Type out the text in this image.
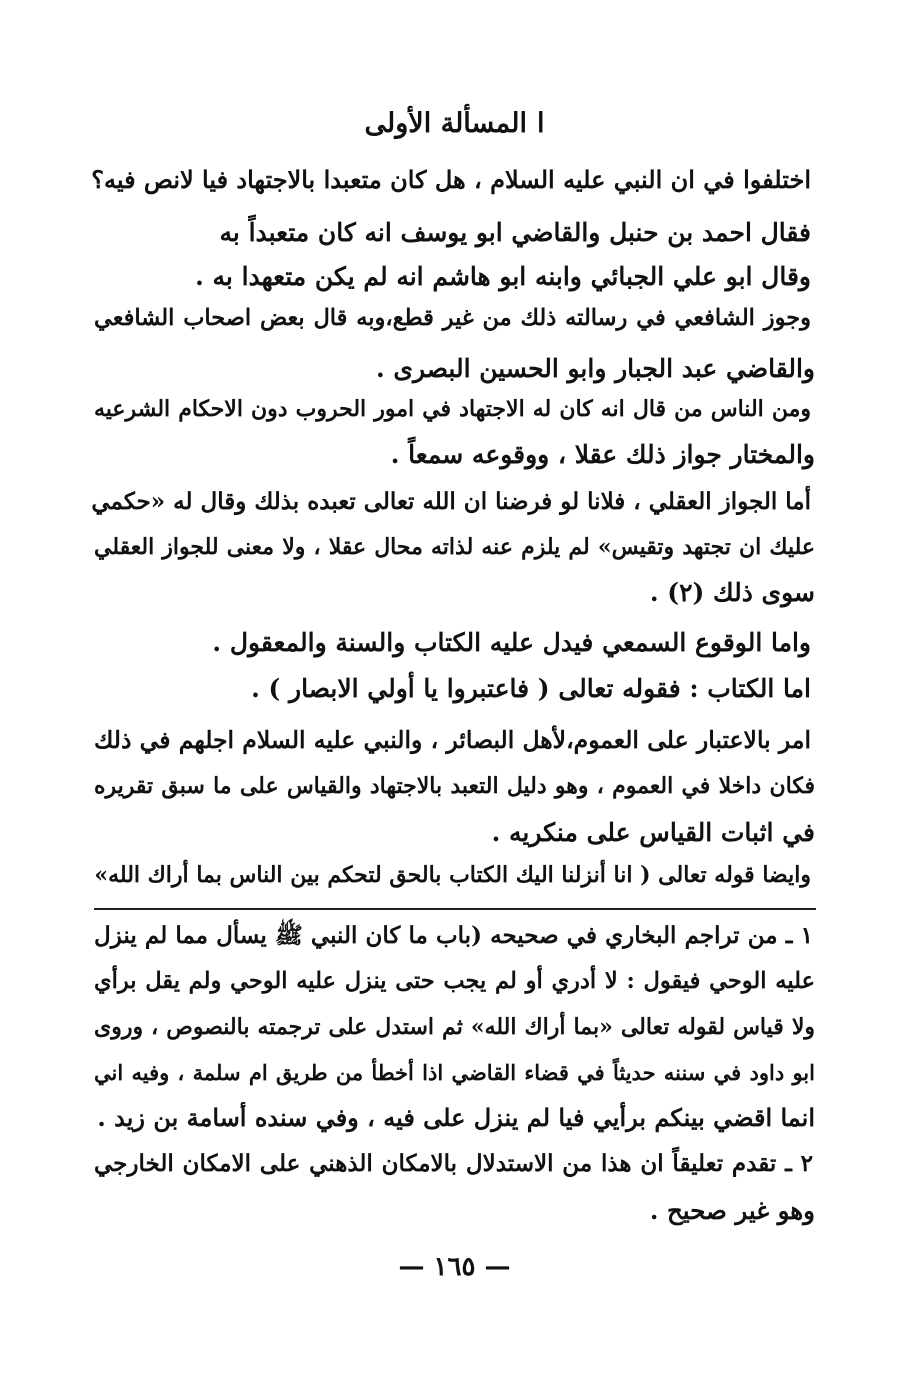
االمسألة الأولى
اختلفوا في ان النبي عليه السلام ، هل كان متعبدا بالاجتهاد فيا لانص فيه؟
فقال احمد بن حنبل والقاضي ابو يوسف انه كان متعبداً به
وقال ابو علي الجبائي وابنه ابو هاشم انه لم يكن متعهدا به .
وجوز الشافعي في رسالته ذلك من غير قطع،وبه قال بعض اصحاب الشافعي
والقاضي عبد الجبار وابو الحسين البصرى .
ومن الناس من قال انه كان له الاجتهاد في امور الحروب دون الاحكام الشرعيه
والمختار جواز ذلك عقلا ، ووقوعه سمعاً .
أما الجواز العقلي ، فلانا لو فرضنا ان الله تعالى تعبده بذلك وقال له «حكمي
عليك ان تجتهد وتقيس» لم يلزم عنه لذاته محال عقلا ، ولا معنى للجواز العقلي
سوى ذلك (٢) .
واما الوقوع السمعي فيدل عليه الكتاب والسنة والمعقول .
اما الكتاب : فقوله تعالى ( فاعتبروا يا أولي الابصار ) .
امر بالاعتبار على العموم،لأهل البصائر ، والنبي عليه السلام اجلهم في ذلك
فكان داخلا في العموم ، وهو دليل التعبد بالاجتهاد والقياس على ما سبق تقريره
في اثبات القياس على منكريه .
وايضا قوله تعالى ( انا أنزلنا اليك الكتاب بالحق لتحكم بين الناس بما أراك الله»
١ ـ من تراجم البخاري في صحيحه (باب ما كان النبي ﷺ يسأل مما لم ينزل
عليه الوحي فيقول : لا أدري أو لم يجب حتى ينزل عليه الوحي ولم يقل برأي
ولا قياس لقوله تعالى «بما أراك الله» ثم استدل على ترجمته بالنصوص ، وروى
ابو داود في سننه حديثاً في قضاء القاضي اذا أخطأ من طريق ام سلمة ، وفيه اني
انما اقضي بينكم برأيي فيا لم ينزل على فيه ، وفي سنده أسامة بن زيد .
٢ ـ تقدم تعليقاً ان هذا من الاستدلال بالامكان الذهني على الامكان الخارجي
وهو غير صحيح .
— ١٦٥ —
